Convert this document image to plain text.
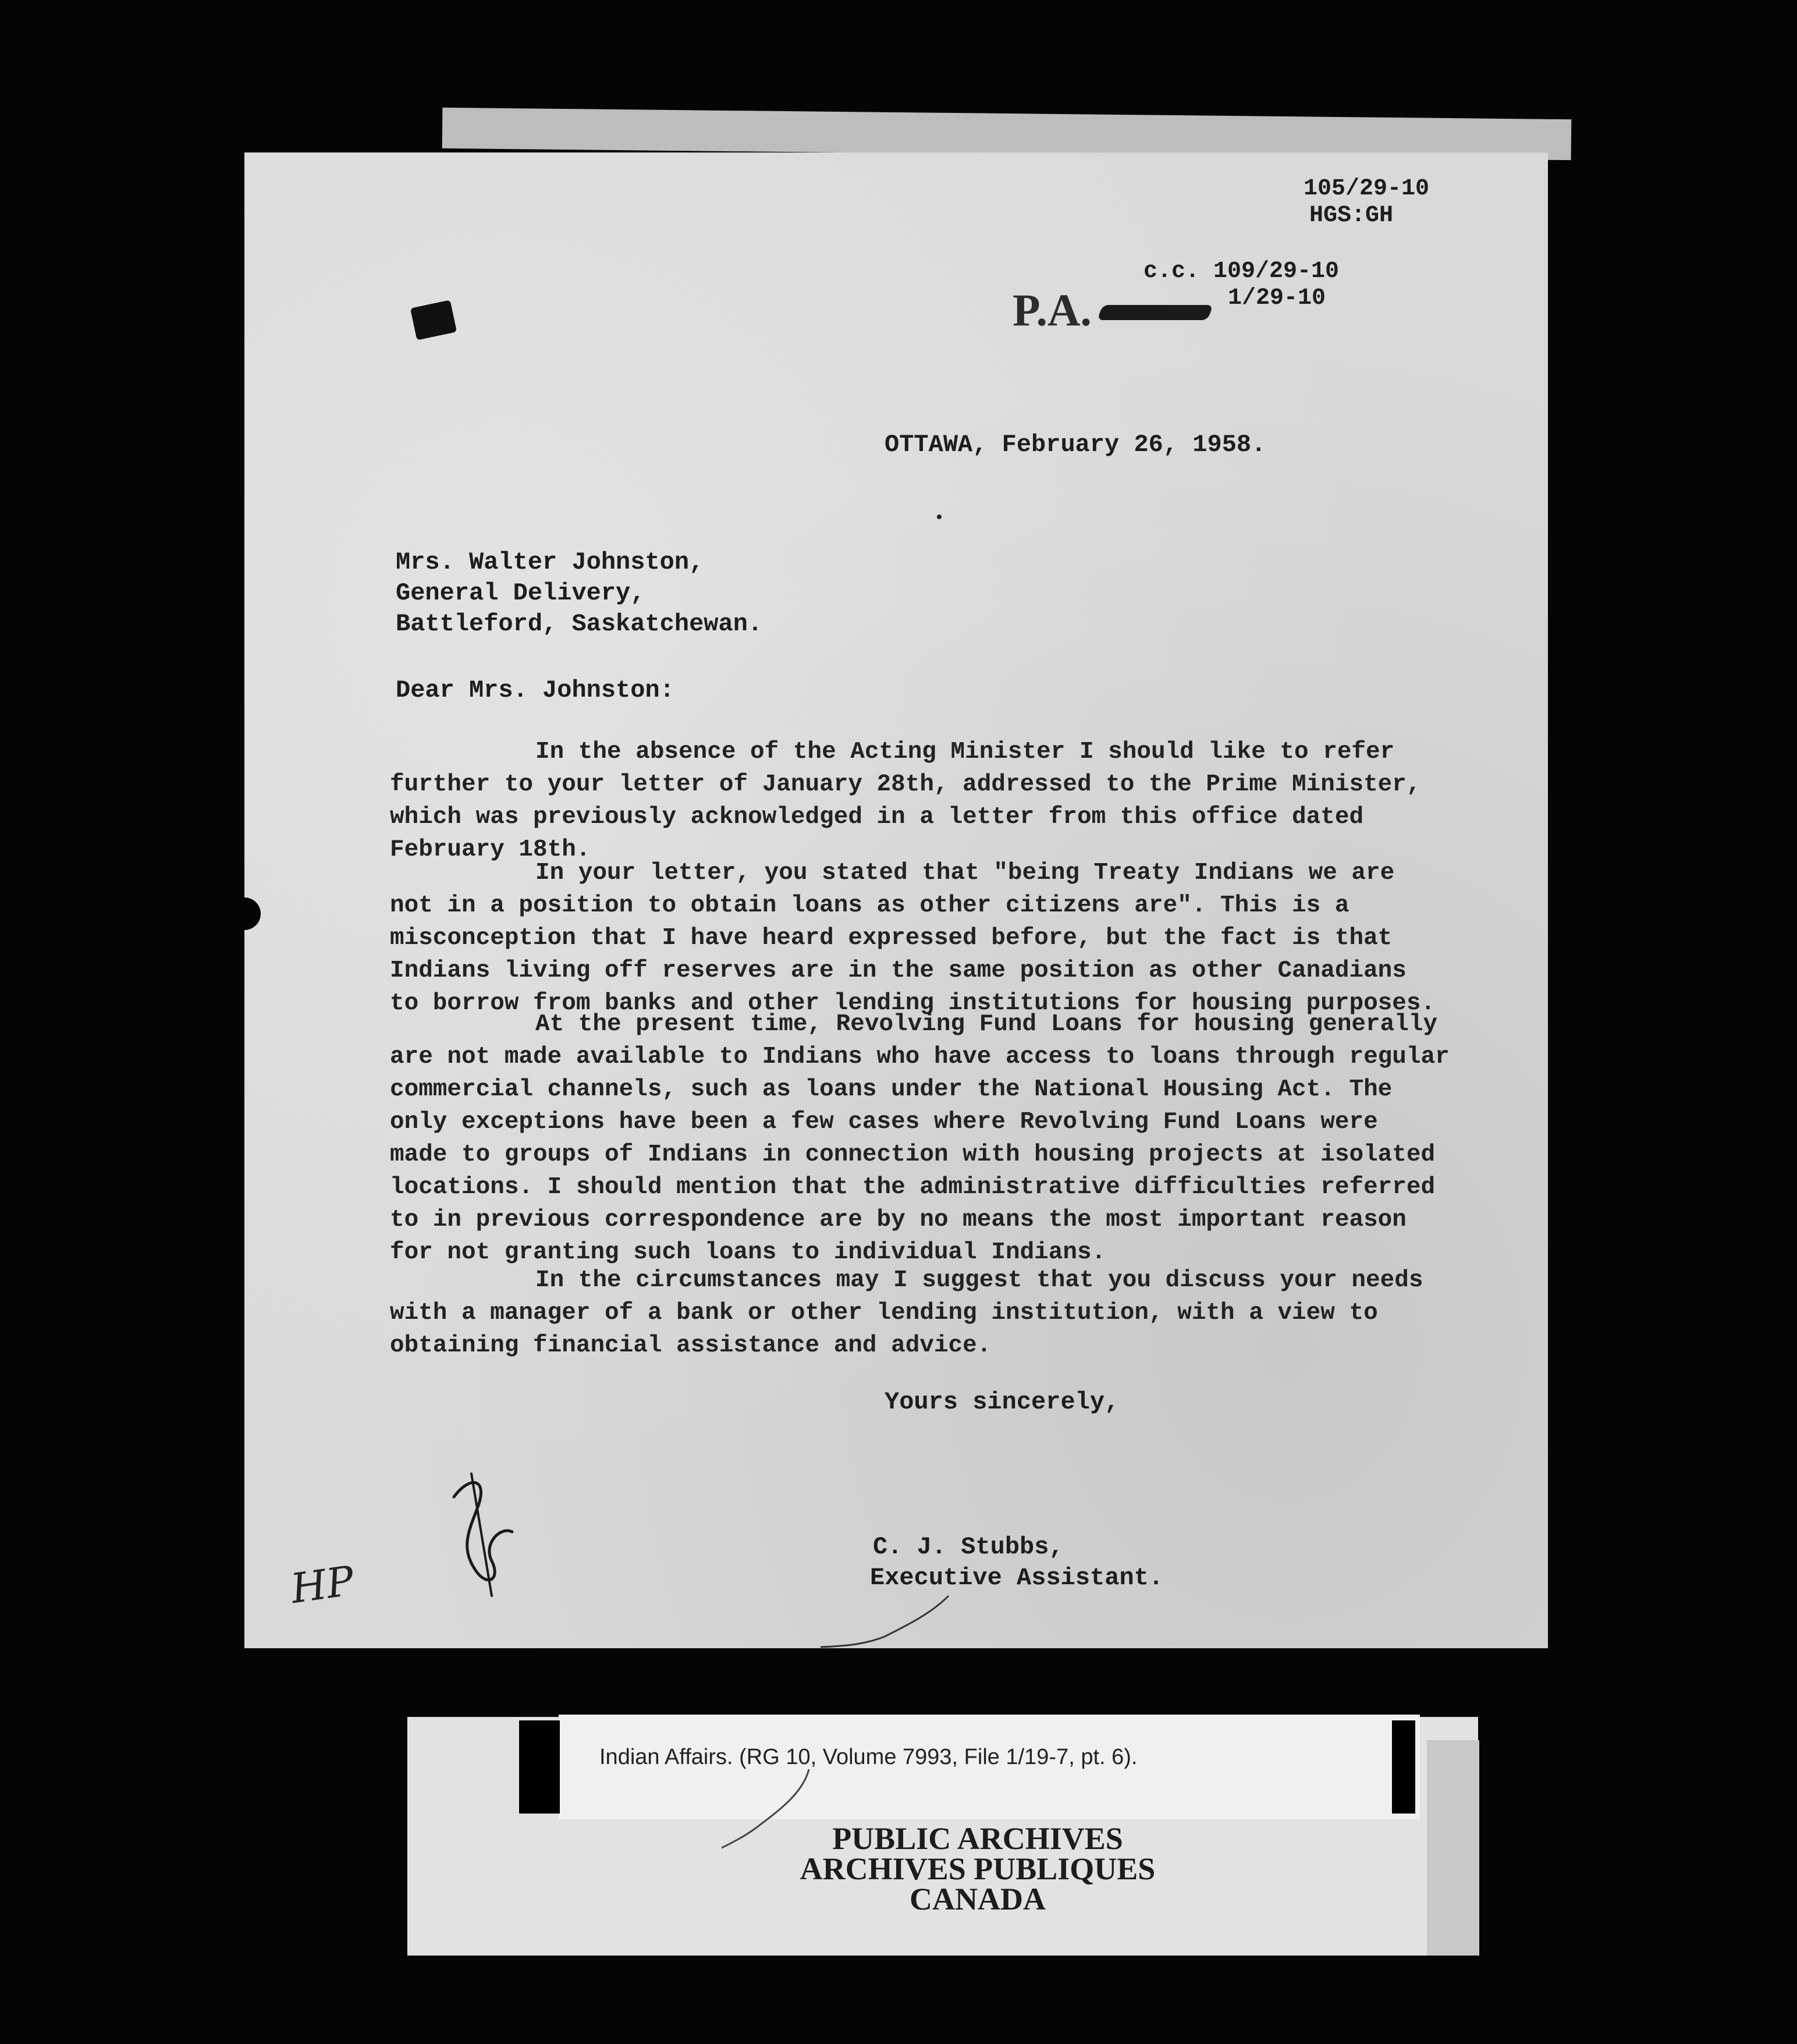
105/29-10
HGS:GH
c.c. 109/29-10
P.A.	1/29-10
OTTAWA, February 26, 1958.
Mrs. Walter Johnston,
General Delivery,
Battleford, Saskatchewan.
Dear Mrs. Johnston:
In the absence of the Acting Minister I should like to refer
further to your letter of January 28th, addressed to the Prime Minister,
which was previously acknowledged in a letter from this office dated
February 18th.
In your letter, you stated that "being Treaty Indians we are
not in a position to obtain loans as other citizens are". This is a
misconception that I have heard expressed before, but the fact is that
Indians living off reserves are in the same position as other Canadians
to borrow from banks and other lending institutions for housing purposes.
At the present time, Revolving Fund Loans for housing generally
are not made available to Indians who have access to loans through regular
commercial channels, such as loans under the National Housing Act. The
only exceptions have been a few cases where Revolving Fund Loans were
made to groups of Indians in connection with housing projects at isolated
locations. I should mention that the administrative difficulties referred
to in previous correspondence are by no means the most important reason
for not granting such loans to individual Indians.
In the circumstances may I suggest that you discuss your needs
with a manager of a bank or other lending institution, with a view to
obtaining financial assistance and advice.
Yours sincerely,
HP
C. J. Stubbs,
Executive Assistant.
Indian Affairs. (RG 10, Volume 7993, File 1/19-7, pt. 6).
PUBLIC ARCHIVES
ARCHIVES PUBLIQUES
CANADA
